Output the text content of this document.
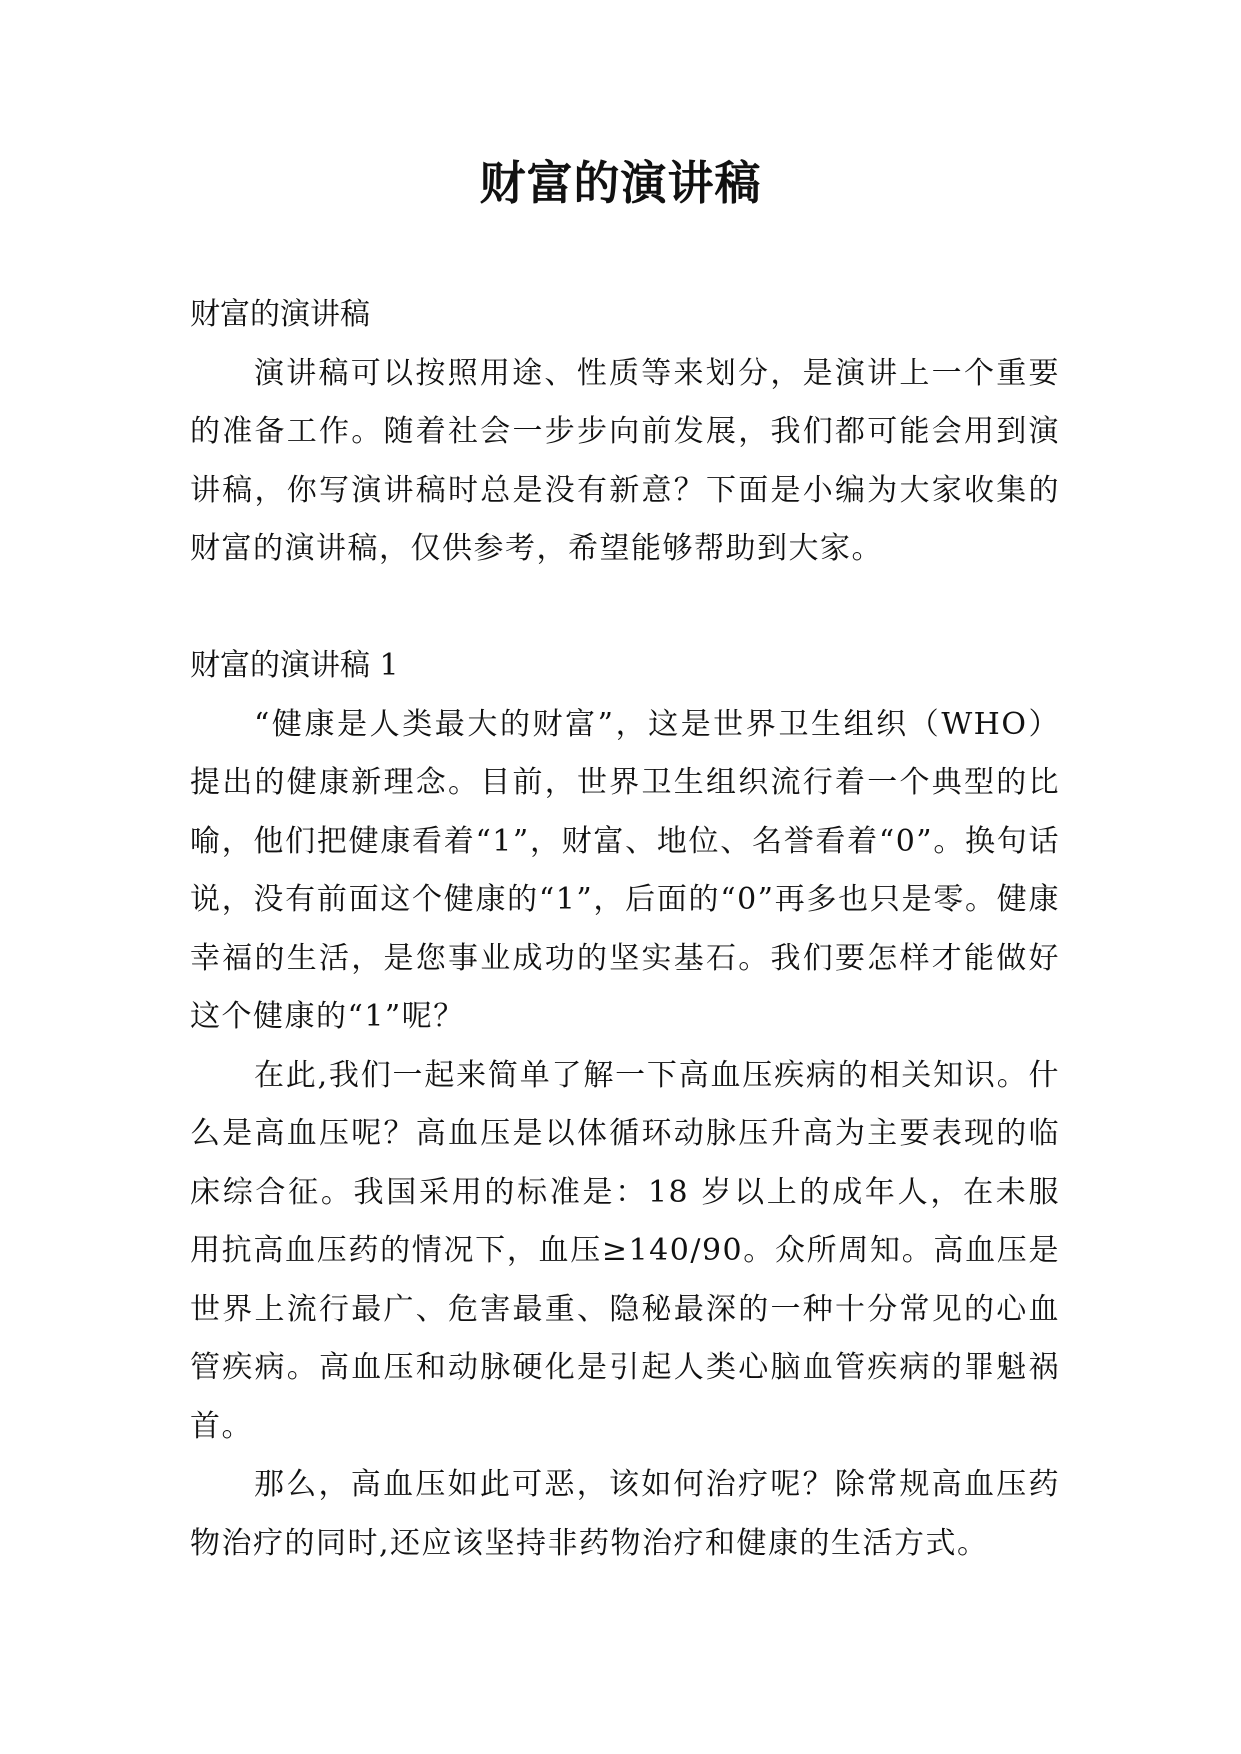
财富的演讲稿

财富的演讲稿

演讲稿可以按照用途、性质等来划分，是演讲上一个重要的准备工作。随着社会一步步向前发展，我们都可能会用到演讲稿，你写演讲稿时总是没有新意？下面是小编为大家收集的财富的演讲稿，仅供参考，希望能够帮助到大家。

财富的演讲稿 1

“健康是人类最大的财富”，这是世界卫生组织（WHO）提出的健康新理念。目前，世界卫生组织流行着一个典型的比喻，他们把健康看着“1”，财富、地位、名誉看着“0”。换句话说，没有前面这个健康的“1”，后面的“0”再多也只是零。健康幸福的生活，是您事业成功的坚实基石。我们要怎样才能做好这个健康的“1”呢？

在此,我们一起来简单了解一下高血压疾病的相关知识。什么是高血压呢？高血压是以体循环动脉压升高为主要表现的临床综合征。我国采用的标准是：18 岁以上的成年人，在未服用抗高血压药的情况下，血压≥140/90。众所周知。高血压是世界上流行最广、危害最重、隐秘最深的一种十分常见的心血管疾病。高血压和动脉硬化是引起人类心脑血管疾病的罪魁祸首。

那么，高血压如此可恶，该如何治疗呢？除常规高血压药物治疗的同时,还应该坚持非药物治疗和健康的生活方式。
